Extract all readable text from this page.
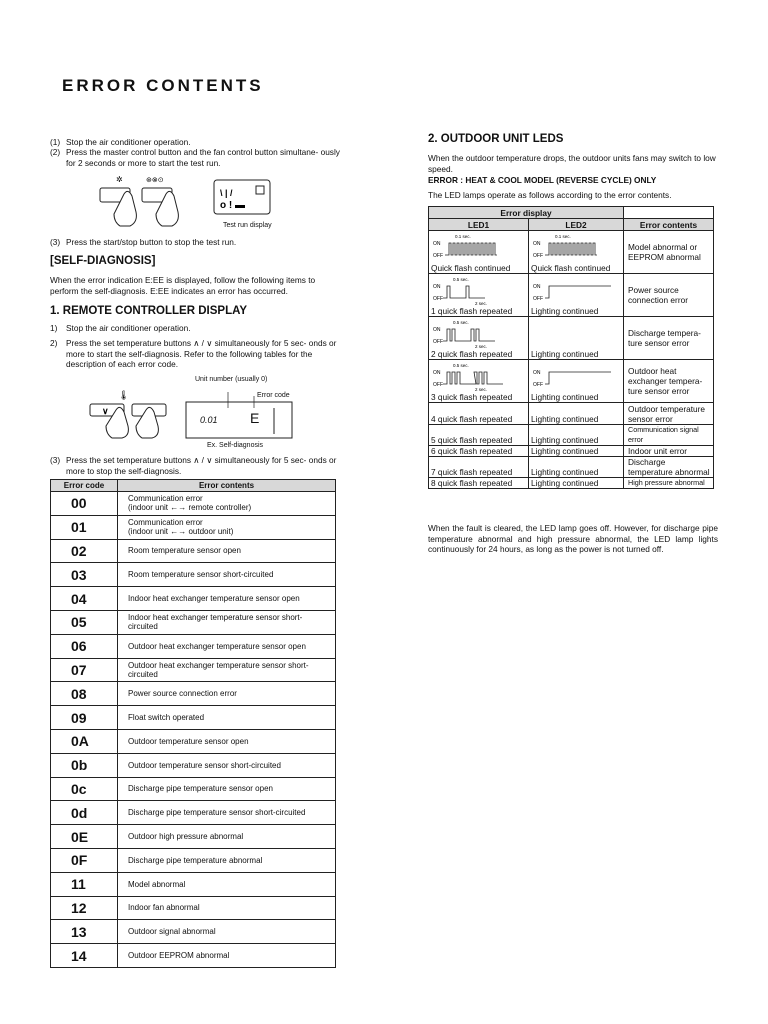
ERROR CONTENTS
(1) Stop the air conditioner operation.
(2) Press the master control button and the fan control button simultane- ously for 2 seconds or more to start the test run.
✲	⊛⊗⊙
\ | /
o ! ▬
Test run display
(3) Press the start/stop button to stop the test run.
[SELF-DIAGNOSIS]
When the error indication E:EE is displayed, follow the following items to perform the self-diagnosis. E:EE indicates an error has occurred.
1. REMOTE CONTROLLER DISPLAY
1) Stop the air conditioner operation.
2) Press the set temperature buttons ∧ / ∨ simultaneously for 5 sec- onds or more to start the self-diagnosis. Refer to the following tables for the description of each error code.
Unit number (usually 0)
Error code
🌡
∨
0.01 E
Ex. Self-diagnosis
(3) Press the set temperature buttons ∧ / ∨ simultaneously for 5 sec- onds or more to stop the self-diagnosis.
Error code	Error contents
00	Communication error
(indoor unit ←→ remote controller)

01	Communication error
(indoor unit ←→ outdoor unit)

02	Room temperature sensor open

03	Room temperature sensor short-circuited

04	Indoor heat exchanger temperature sensor open

05	Indoor heat exchanger temperature sensor short-
circuited

06	Outdoor heat exchanger temperature sensor open

07	Outdoor heat exchanger temperature sensor short-
circuited

08	Power source connection error

09	Float switch operated

0A	Outdoor temperature sensor open

0b	Outdoor temperature sensor short-circuited

0c	Discharge pipe temperature sensor open

0d	Discharge pipe temperature sensor short-circuited

0E	Outdoor high pressure abnormal

0F	Discharge pipe temperature abnormal

11	Model abnormal

12	Indoor fan abnormal

13	Outdoor signal abnormal

14	Outdoor EEPROM abnormal
2. OUTDOOR UNIT LEDS
When the outdoor temperature drops, the outdoor units fans may switch to low speed.
ERROR : HEAT & COOL MODEL (REVERSE CYCLE) ONLY
The LED lamps operate as follows according to the error contents.
Error display		
LED1	LED2	Error contents

ON
OFF
0.1 sec.
Quick flash continued	ON
OFF
0.1 sec.
Quick flash continued	Model abnormal or EEPROM abnormal

ON
OFF
0.5 sec.
2 sec.
1 quick flash repeated	ON
OFF
Lighting continued	Power source connection error

ON
OFF
0.5 sec.
2 sec.
2 quick flash repeated	Lighting continued	Discharge tempera- ture sensor error

ON
OFF
0.5 sec.
2 sec.
3 quick flash repeated	ON
OFF
Lighting continued	Outdoor heat exchanger tempera- ture sensor error

4 quick flash repeated	Lighting continued	Outdoor temperature sensor error

5 quick flash repeated	Lighting continued	Communication signal error

6 quick flash repeated	Lighting continued	Indoor unit error

7 quick flash repeated	Lighting continued	Discharge temperature abnormal

8 quick flash repeated	Lighting continued	High pressure abnormal
When the fault is cleared, the LED lamp goes off. However, for discharge pipe temperature abnormal and high pressure abnormal, the LED lamp lights continuously for 24 hours, as long as the power is not turned off.
